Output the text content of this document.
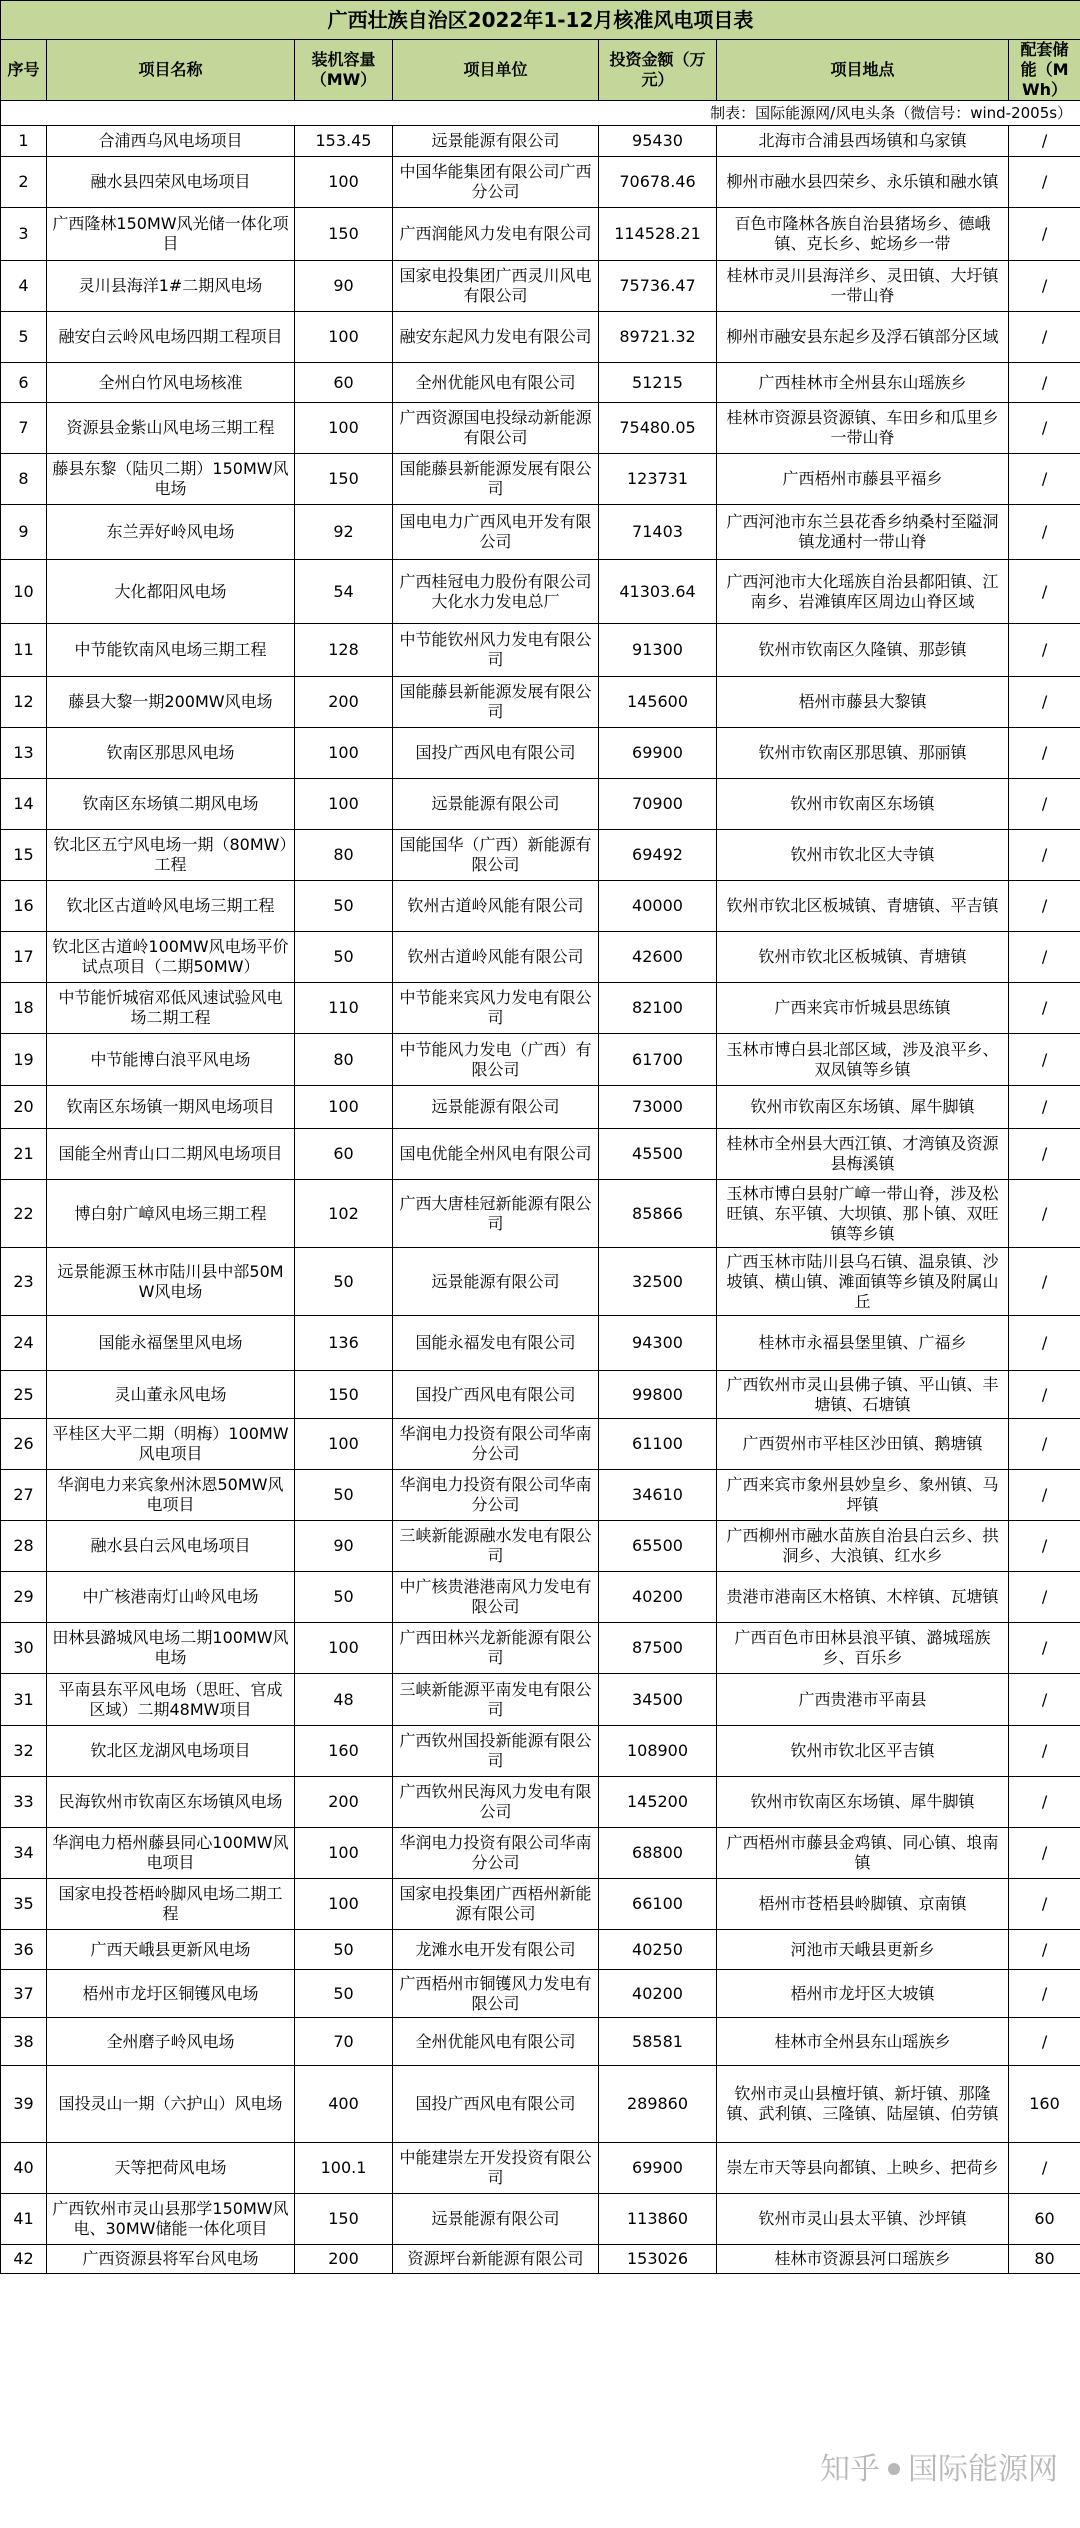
广西壮族自治区2022年1-12月核准风电项目表						
序号	项目名称	装机容量（MW）	项目单位	投资金额（万元）	项目地点	配套储能（MWh）
制表：国际能源网/风电头条（微信号：wind-2005s）						
1	合浦西乌风电场项目	153.45	远景能源有限公司	95430	北海市合浦县西场镇和乌家镇	/
2	融水县四荣风电场项目	100	中国华能集团有限公司广西分公司	70678.46	柳州市融水县四荣乡、永乐镇和融水镇	/
3	广西隆林150MW风光储一体化项目	150	广西润能风力发电有限公司	114528.21	百色市隆林各族自治县猪场乡、德峨镇、克长乡、蛇场乡一带	/
4	灵川县海洋1#二期风电场	90	国家电投集团广西灵川风电有限公司	75736.47	桂林市灵川县海洋乡、灵田镇、大圩镇一带山脊	/
5	融安白云岭风电场四期工程项目	100	融安东起风力发电有限公司	89721.32	柳州市融安县东起乡及浮石镇部分区域	/
6	全州白竹风电场核准	60	全州优能风电有限公司	51215	广西桂林市全州县东山瑶族乡	/
7	资源县金紫山风电场三期工程	100	广西资源国电投绿动新能源有限公司	75480.05	桂林市资源县资源镇、车田乡和瓜里乡一带山脊	/
8	藤县东黎（陆贝二期）150MW风电场	150	国能藤县新能源发展有限公司	123731	广西梧州市藤县平福乡	/
9	东兰弄好岭风电场	92	国电电力广西风电开发有限公司	71403	广西河池市东兰县花香乡纳桑村至隘洞镇龙通村一带山脊	/
10	大化都阳风电场	54	广西桂冠电力股份有限公司大化水力发电总厂	41303.64	广西河池市大化瑶族自治县都阳镇、江南乡、岩滩镇库区周边山脊区域	/
11	中节能钦南风电场三期工程	128	中节能钦州风力发电有限公司	91300	钦州市钦南区久隆镇、那彭镇	/
12	藤县大黎一期200MW风电场	200	国能藤县新能源发展有限公司	145600	梧州市藤县大黎镇	/
13	钦南区那思风电场	100	国投广西风电有限公司	69900	钦州市钦南区那思镇、那丽镇	/
14	钦南区东场镇二期风电场	100	远景能源有限公司	70900	钦州市钦南区东场镇	/
15	钦北区五宁风电场一期（80MW）工程	80	国能国华（广西）新能源有限公司	69492	钦州市钦北区大寺镇	/
16	钦北区古道岭风电场三期工程	50	钦州古道岭风能有限公司	40000	钦州市钦北区板城镇、青塘镇、平吉镇	/
17	钦北区古道岭100MW风电场平价试点项目（二期50MW）	50	钦州古道岭风能有限公司	42600	钦州市钦北区板城镇、青塘镇	/
18	中节能忻城宿邓低风速试验风电场二期工程	110	中节能来宾风力发电有限公司	82100	广西来宾市忻城县思练镇	/
19	中节能博白浪平风电场	80	中节能风力发电（广西）有限公司	61700	玉林市博白县北部区域，涉及浪平乡、双凤镇等乡镇	/
20	钦南区东场镇一期风电场项目	100	远景能源有限公司	73000	钦州市钦南区东场镇、犀牛脚镇	/
21	国能全州青山口二期风电场项目	60	国电优能全州风电有限公司	45500	桂林市全州县大西江镇、才湾镇及资源县梅溪镇	/
22	博白射广嶂风电场三期工程	102	广西大唐桂冠新能源有限公司	85866	玉林市博白县射广嶂一带山脊，涉及松旺镇、东平镇、大坝镇、那卜镇、双旺镇等乡镇	/
23	远景能源玉林市陆川县中部50MW风电场	50	远景能源有限公司	32500	广西玉林市陆川县乌石镇、温泉镇、沙坡镇、横山镇、滩面镇等乡镇及附属山丘	/
24	国能永福堡里风电场	136	国能永福发电有限公司	94300	桂林市永福县堡里镇、广福乡	/
25	灵山董永风电场	150	国投广西风电有限公司	99800	广西钦州市灵山县佛子镇、平山镇、丰塘镇、石塘镇	/
26	平桂区大平二期（明梅）100MW风电项目	100	华润电力投资有限公司华南分公司	61100	广西贺州市平桂区沙田镇、鹅塘镇	/
27	华润电力来宾象州沐恩50MW风电项目	50	华润电力投资有限公司华南分公司	34610	广西来宾市象州县妙皇乡、象州镇、马坪镇	/
28	融水县白云风电场项目	90	三峡新能源融水发电有限公司	65500	广西柳州市融水苗族自治县白云乡、拱洞乡、大浪镇、红水乡	/
29	中广核港南灯山岭风电场	50	中广核贵港港南风力发电有限公司	40200	贵港市港南区木格镇、木梓镇、瓦塘镇	/
30	田林县潞城风电场二期100MW风电场	100	广西田林兴龙新能源有限公司	87500	广西百色市田林县浪平镇、潞城瑶族乡、百乐乡	/
31	平南县东平风电场（思旺、官成区域）二期48MW项目	48	三峡新能源平南发电有限公司	34500	广西贵港市平南县	/
32	钦北区龙湖风电场项目	160	广西钦州国投新能源有限公司	108900	钦州市钦北区平吉镇	/
33	民海钦州市钦南区东场镇风电场	200	广西钦州民海风力发电有限公司	145200	钦州市钦南区东场镇、犀牛脚镇	/
34	华润电力梧州藤县同心100MW风电项目	100	华润电力投资有限公司华南分公司	68800	广西梧州市藤县金鸡镇、同心镇、埌南镇	/
35	国家电投苍梧岭脚风电场二期工程	100	国家电投集团广西梧州新能源有限公司	66100	梧州市苍梧县岭脚镇、京南镇	/
36	广西天峨县更新风电场	50	龙滩水电开发有限公司	40250	河池市天峨县更新乡	/
37	梧州市龙圩区铜镬风电场	50	广西梧州市铜镬风力发电有限公司	40200	梧州市龙圩区大坡镇	/
38	全州磨子岭风电场	70	全州优能风电有限公司	58581	桂林市全州县东山瑶族乡	/
39	国投灵山一期（六护山）风电场	400	国投广西风电有限公司	289860	钦州市灵山县檀圩镇、新圩镇、那隆镇、武利镇、三隆镇、陆屋镇、伯劳镇	160
40	天等把荷风电场	100.1	中能建崇左开发投资有限公司	69900	崇左市天等县向都镇、上映乡、把荷乡	/
41	广西钦州市灵山县那学150MW风电、30MW储能一体化项目	150	远景能源有限公司	113860	钦州市灵山县太平镇、沙坪镇	60
42	广西资源县将军台风电场	200	资源坪台新能源有限公司	153026	桂林市资源县河口瑶族乡	80
知乎 国际能源网
